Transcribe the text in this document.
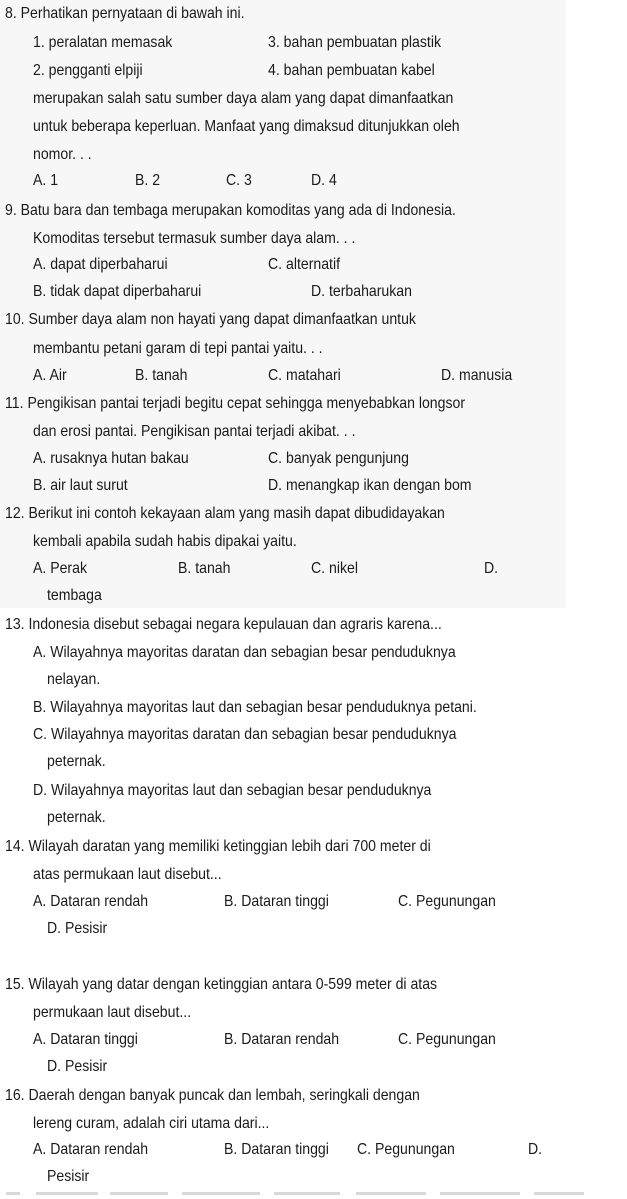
8. Perhatikan pernyataan di bawah ini.
1. peralatan memasak	3. bahan pembuatan plastik
2. pengganti elpiji	4. bahan pembuatan kabel
merupakan salah satu sumber daya alam yang dapat dimanfaatkan
untuk beberapa keperluan. Manfaat yang dimaksud ditunjukkan oleh
nomor. . .
A. 1	B. 2	C. 3	D. 4
9. Batu bara dan tembaga merupakan komoditas yang ada di Indonesia.
Komoditas tersebut termasuk sumber daya alam. . .
A. dapat diperbaharui	C. alternatif
B. tidak dapat diperbaharui	D. terbaharukan
10. Sumber daya alam non hayati yang dapat dimanfaatkan untuk
membantu petani garam di tepi pantai yaitu. . .
A. Air	B. tanah	C. matahari	D. manusia
11. Pengikisan pantai terjadi begitu cepat sehingga menyebabkan longsor
dan erosi pantai. Pengikisan pantai terjadi akibat. . .
A. rusaknya hutan bakau	C. banyak pengunjung
B. air laut surut	D. menangkap ikan dengan bom
12. Berikut ini contoh kekayaan alam yang masih dapat dibudidayakan
kembali apabila sudah habis dipakai yaitu.
A. Perak	B. tanah	C. nikel	D.
tembaga
13. Indonesia disebut sebagai negara kepulauan dan agraris karena...
A. Wilayahnya mayoritas daratan dan sebagian besar penduduknya
nelayan.
B. Wilayahnya mayoritas laut dan sebagian besar penduduknya petani.
C. Wilayahnya mayoritas daratan dan sebagian besar penduduknya
peternak.
D. Wilayahnya mayoritas laut dan sebagian besar penduduknya
peternak.
14. Wilayah daratan yang memiliki ketinggian lebih dari 700 meter di
atas permukaan laut disebut...
A. Dataran rendah	B. Dataran tinggi	C. Pegunungan
D. Pesisir
15. Wilayah yang datar dengan ketinggian antara 0-599 meter di atas
permukaan laut disebut...
A. Dataran tinggi	B. Dataran rendah	C. Pegunungan
D. Pesisir
16. Daerah dengan banyak puncak dan lembah, seringkali dengan
lereng curam, adalah ciri utama dari...
A. Dataran rendah	B. Dataran tinggi C. Pegunungan	D.
Pesisir
